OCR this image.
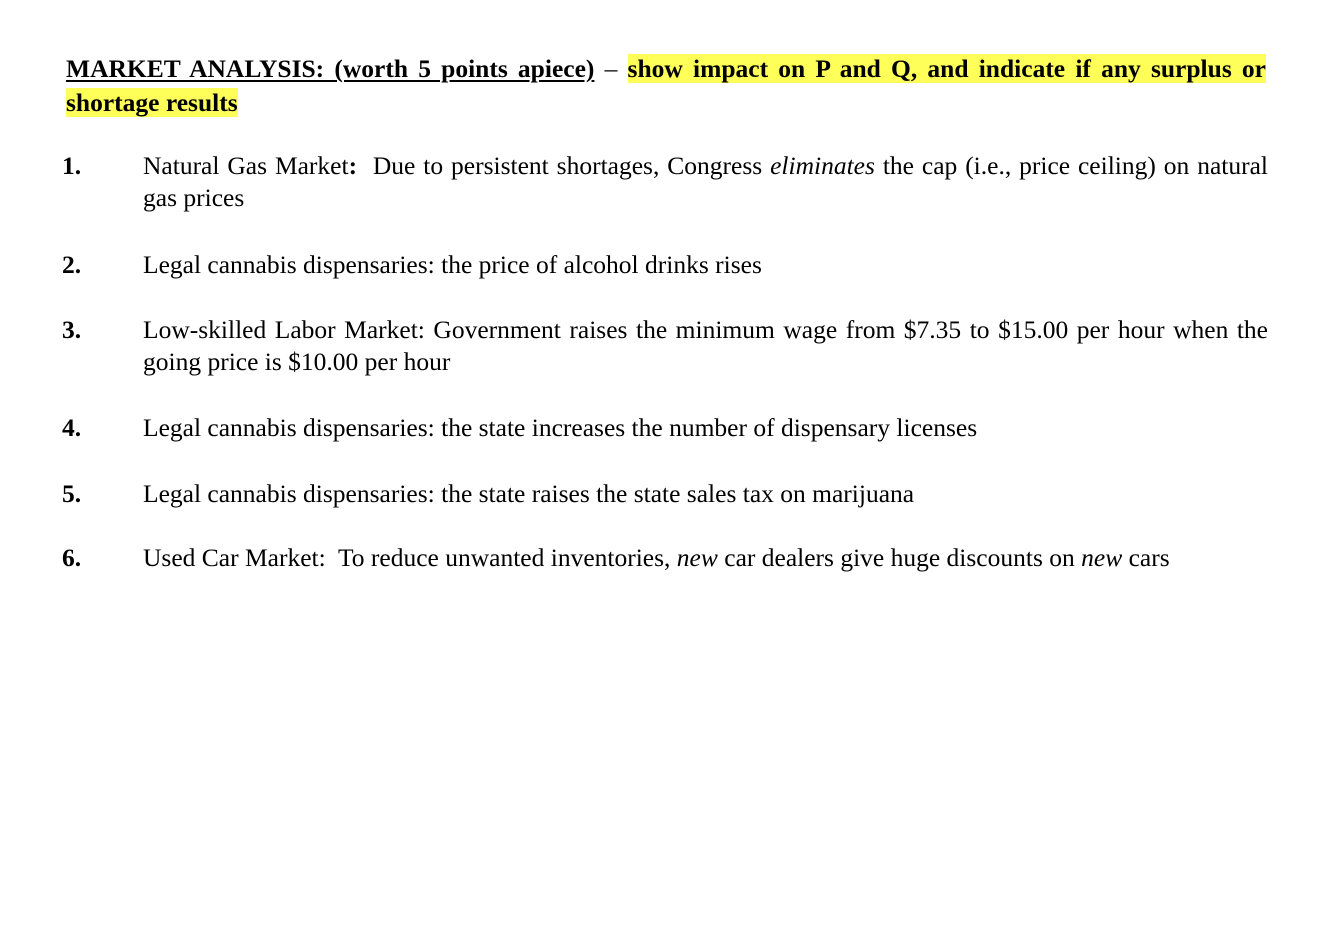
MARKET ANALYSIS: (worth 5 points apiece) – show impact on P and Q, and indicate if any surplus or shortage results
1. Natural Gas Market:  Due to persistent shortages, Congress eliminates the cap (i.e., price ceiling) on natural gas prices
2. Legal cannabis dispensaries: the price of alcohol drinks rises
3. Low-skilled Labor Market: Government raises the minimum wage from $7.35 to $15.00 per hour when the going price is $10.00 per hour
4. Legal cannabis dispensaries: the state increases the number of dispensary licenses
5. Legal cannabis dispensaries: the state raises the state sales tax on marijuana
6. Used Car Market:  To reduce unwanted inventories, new car dealers give huge discounts on new cars
